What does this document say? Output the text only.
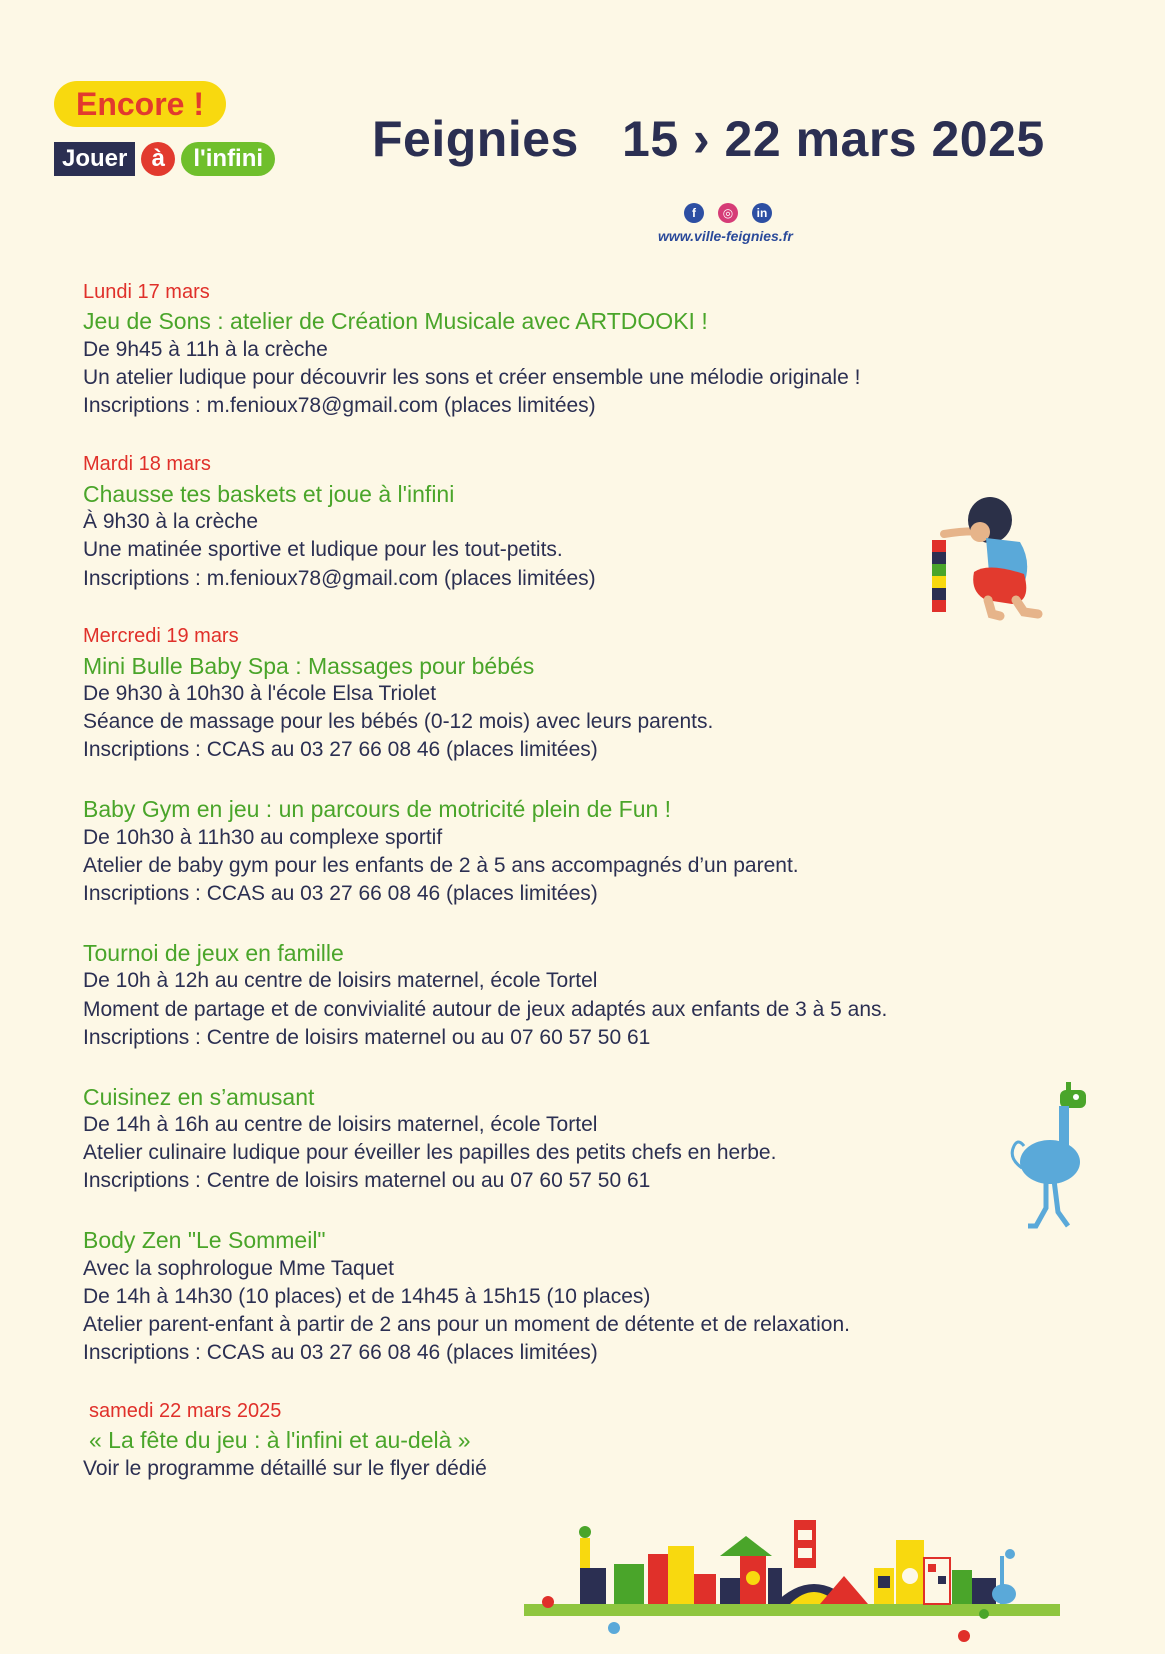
Encore !
Jouer	à	l'infini Feignies   15 › 22 mars 2025
f	◎	in
www.ville-feignies.fr
Lundi 17 mars
Jeu de Sons : atelier de Création Musicale avec ARTDOOKI !
De 9h45 à 11h à la crèche
Un atelier ludique pour découvrir les sons et créer ensemble une mélodie originale !
Inscriptions : m.fenioux78@gmail.com (places limitées)
Mardi 18 mars
Chausse tes baskets et joue à l'infini
À 9h30 à la crèche
Une matinée sportive et ludique pour les tout-petits.
Inscriptions : m.fenioux78@gmail.com (places limitées)
Mercredi 19 mars
Mini Bulle Baby Spa : Massages pour bébés
De 9h30 à 10h30 à l'école Elsa Triolet
Séance de massage pour les bébés (0-12 mois) avec leurs parents.
Inscriptions : CCAS au 03 27 66 08 46 (places limitées)
Baby Gym en jeu : un parcours de motricité plein de Fun !
De 10h30 à 11h30 au complexe sportif
Atelier de baby gym pour les enfants de 2 à 5 ans accompagnés d’un parent.
Inscriptions : CCAS au 03 27 66 08 46 (places limitées)
Tournoi de jeux en famille
De 10h à 12h au centre de loisirs maternel, école Tortel
Moment de partage et de convivialité autour de jeux adaptés aux enfants de 3 à 5 ans.
Inscriptions : Centre de loisirs maternel ou au 07 60 57 50 61
Cuisinez en s’amusant
De 14h à 16h au centre de loisirs maternel, école Tortel
Atelier culinaire ludique pour éveiller les papilles des petits chefs en herbe.
Inscriptions : Centre de loisirs maternel ou au 07 60 57 50 61
Body Zen "Le Sommeil"
Avec la sophrologue Mme Taquet
De 14h à 14h30 (10 places) et de 14h45 à 15h15 (10 places)
Atelier parent-enfant à partir de 2 ans pour un moment de détente et de relaxation.
Inscriptions : CCAS au 03 27 66 08 46 (places limitées)
samedi 22 mars 2025
« La fête du jeu : à l'infini et au-delà »
Voir le programme détaillé sur le flyer dédié
